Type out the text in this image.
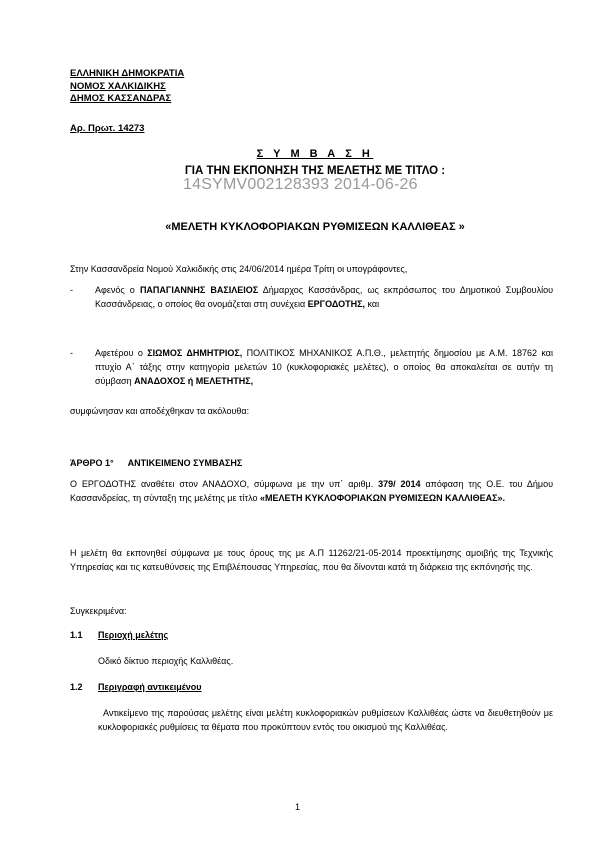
ΕΛΛΗΝΙΚΗ ΔΗΜΟΚΡΑΤΙΑ
ΝΟΜΟΣ ΧΑΛΚΙΔΙΚΗΣ
ΔΗΜΟΣ ΚΑΣΣΑΝΔΡΑΣ
Αρ. Πρωτ. 14273
Σ Υ Μ Β Α Σ Η
ΓΙΑ ΤΗΝ ΕΚΠΟΝΗΣΗ ΤΗΣ ΜΕΛΕΤΗΣ ΜΕ ΤΙΤΛΟ :
14SYMV002128393 2014-06-26
«ΜΕΛΕΤΗ ΚΥΚΛΟΦΟΡΙΑΚΩΝ ΡΥΘΜΙΣΕΩΝ ΚΑΛΛΙΘΕΑΣ »
Στην Κασσανδρεία Νομού Χαλκιδικής στις 24/06/2014 ημέρα Τρίτη οι υπογράφοντες,
-	Αφενός ο ΠΑΠΑΓΙΑΝΝΗΣ ΒΑΣΙΛΕΙΟΣ Δήμαρχος Κασσάνδρας, ως εκπρόσωπος του Δημοτικού Συμβουλίου Κασσάνδρειας, ο οποίος θα ονομάζεται στη συνέχεια ΕΡΓΟΔΟΤΗΣ, και
-	Αφετέρου ο ΣΙΩΜΟΣ ΔΗΜΗΤΡΙΟΣ, ΠΟΛΙΤΙΚΟΣ ΜΗΧΑΝΙΚΟΣ Α.Π.Θ., μελετητής δημοσίου με Α.Μ. 18762 και πτυχίο Α΄ τάξης στην κατηγορία μελετών 10 (κυκλοφοριακές μελέτες), ο οποίος θα αποκαλείται σε αυτήν τη σύμβαση ΑΝΑΔΟΧΟΣ ή ΜΕΛΕΤΗΤΗΣ,
συμφώνησαν και αποδέχθηκαν τα ακόλουθα:
ΆΡΘΡΟ 1° ΑΝΤΙΚΕΙΜΕΝΟ ΣΥΜΒΑΣΗΣ
Ο ΕΡΓΟΔΟΤΗΣ αναθέτει στον ΑΝΑΔΟΧΟ, σύμφωνα με την υπ΄ αριθμ. 379/ 2014 απόφαση της Ο.Ε. του Δήμου Κασσανδρείας, τη σύνταξη της μελέτης με τίτλο «ΜΕΛΕΤΗ ΚΥΚΛΟΦΟΡΙΑΚΩΝ ΡΥΘΜΙΣΕΩΝ ΚΑΛΛΙΘΕΑΣ».
Η μελέτη θα εκπονηθεί σύμφωνα με τους όρους της με Α.Π 11262/21-05-2014 προεκτίμησης αμοιβής της Τεχνικής Υπηρεσίας και τις κατευθύνσεις της Επιβλέπουσας Υπηρεσίας, που θα δίνονται κατά τη διάρκεια της εκπόνησής της.
Συγκεκριμένα:
1.1 Περιοχή μελέτης
Οδικό δίκτυο περιοχής Καλλιθέας.
1.2 Περιγραφή αντικειμένου
Αντικείμενο της παρούσας μελέτης είναι μελέτη κυκλοφοριακών ρυθμίσεων Καλλιθέας ώστε να διευθετηθούν με κυκλοφοριακές ρυθμίσεις τα θέματα που προκύπτουν εντός του οικισμού της Καλλιθέας.
1
